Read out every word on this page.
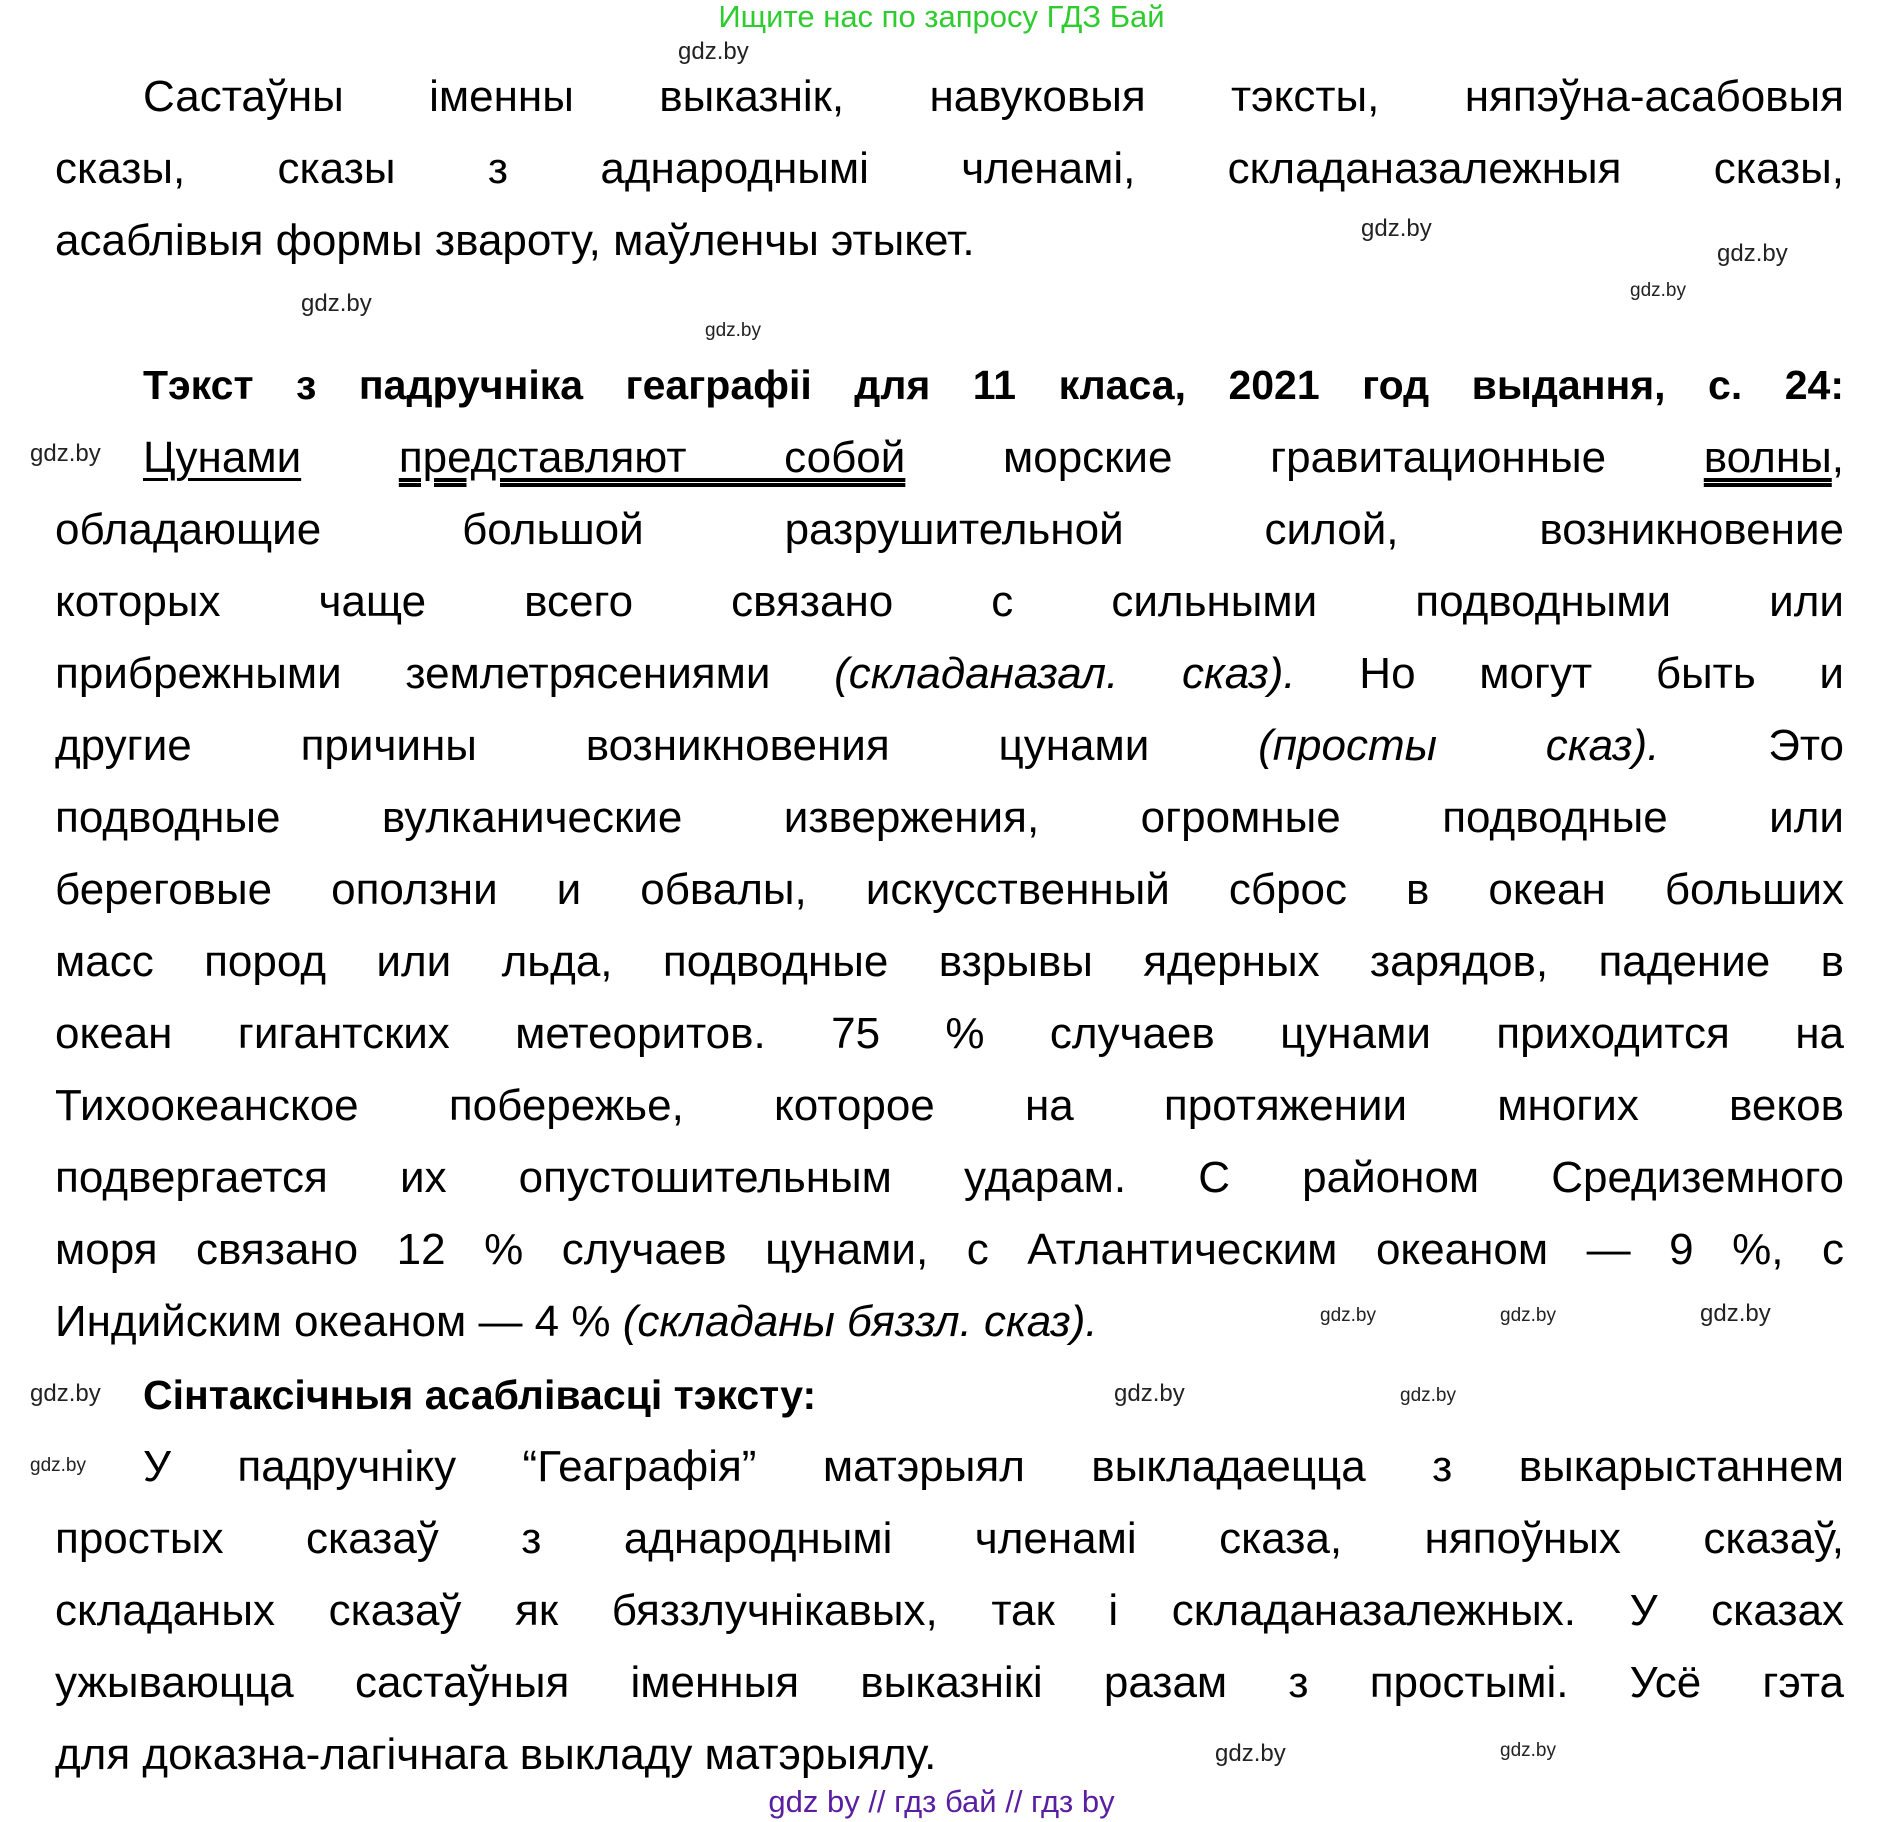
Ищите нас по запросу ГДЗ Бай
Састаўны іменны выказнік, навуковыя тэксты, няпэўна-асабовыя
сказы, сказы з аднароднымі членамі, складаназалежныя сказы,
асаблівыя формы звароту, маўленчы этыкет.
Тэкст з падручніка геаграфіі для 11 класа, 2021 год выдання, с. 24:
Цунами представляют собой морские гравитационные волны,
обладающие большой разрушительной силой, возникновение
которых чаще всего связано с сильными подводными или
прибрежными землетрясениями (складаназал. сказ). Но могут быть и
другие причины возникновения цунами (просты сказ). Это
подводные вулканические извержения, огромные подводные или
береговые оползни и обвалы, искусственный сброс в океан больших
масс пород или льда, подводные взрывы ядерных зарядов, падение в
океан гигантских метеоритов. 75 % случаев цунами приходится на
Тихоокеанское побережье, которое на протяжении многих веков
подвергается их опустошительным ударам. С районом Средиземного
моря связано 12 % случаев цунами, с Атлантическим океаном — 9 %, с
Индийским океаном — 4 % (складаны бяззл. сказ).
Сінтаксічныя асаблівасці тэксту:
У падручніку “Геаграфія” матэрыял выкладаецца з выкарыстаннем
простых сказаў з аднароднымі членамі сказа, няпоўных сказаў,
складаных сказаў як бяззлучнікавых, так і складаназалежных. У сказах
ужываюцца састаўныя іменныя выказнікі разам з простымі. Усё гэта
для доказна-лагічнага выкладу матэрыялу.
gdz.by
gdz.by
gdz.by
gdz.by
gdz.by
gdz.by
gdz.by
gdz.by
gdz.by	gdz.by
gdz.by
gdz.by	gdz.by
gdz.by
gdz.by
gdz.by
gdz by // гдз бай // гдз by
